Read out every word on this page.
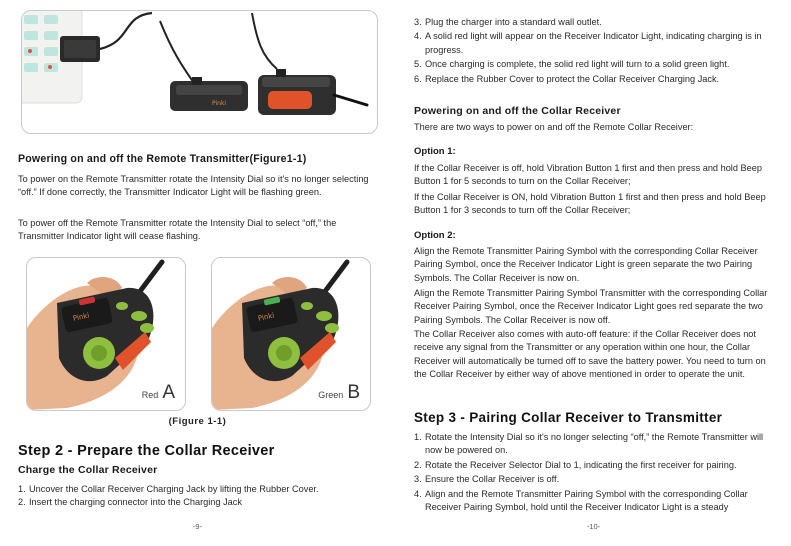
Pinki
Powering on and off the Remote Transmitter(Figure1-1)

To power on the Remote Transmitter rotate the Intensity Dial so it's no longer selecting “off.” If done correctly, the Transmitter Indicator Light will be flashing green.

To power off the Remote Transmitter rotate the Intensity Dial to select “off,” the Transmitter Indicator light will cease flashing.

Pinki
Red A
Pinki
Green B
(Figure 1-1)
Step 2 - Prepare the Collar Receiver
Charge the Collar Receiver
1. Uncover the Collar Receiver Charging Jack by lifting the Rubber Cover.
2. Insert the charging connector into the Charging Jack
-9-
3. Plug the charger into a standard wall outlet.
4. A solid red light will appear on the Receiver Indicator Light, indicating charging is in progress.
5. Once charging is complete, the solid red light will turn to a solid green light.
6. Replace the Rubber Cover to protect the Collar Receiver Charging Jack.
Powering on and off the Collar Receiver

There are two ways to power on and off the Remote Collar Receiver:

Option 1:

If the Collar Receiver is off, hold Vibration Button 1 first and then press and hold Beep Button 1 for 5 seconds to turn on the Collar Receiver;

If the Collar Receiver is ON, hold Vibration Button 1 first and then press and hold Beep Button 1 for 3 seconds to turn off the Collar Receiver;

Option 2:

Align the Remote Transmitter Pairing Symbol with the corresponding Collar Receiver Pairing Symbol, once the Receiver Indicator Light is green separate the two Pairing Symbols. The Collar Receiver is now on.

Align the Remote Transmitter Pairing Symbol Transmitter with the corresponding Collar Receiver Pairing Symbol, once the Receiver Indicator Light goes red separate the two Pairing Symbols. The Collar Receiver is now off.

The Collar Receiver also comes with auto-off feature: if the Collar Receiver does not receive any signal from the Transmitter or any operation within one hour, the Collar Receiver will automatically be turned off to save the battery power. You need to turn on the Collar Receiver by either way of above mentioned in order to operate the unit.

Step 3 - Pairing Collar Receiver to Transmitter
1. Rotate the Intensity Dial so it's no longer selecting “off,” the Remote Transmitter will now be powered on.
2. Rotate the Receiver Selector Dial to 1, indicating the first receiver for pairing.
3. Ensure the Collar Receiver is off.
4. Align and the Remote Transmitter Pairing Symbol with the corresponding Collar Receiver Pairing Symbol, hold until the Receiver Indicator Light is a steady
-10-
